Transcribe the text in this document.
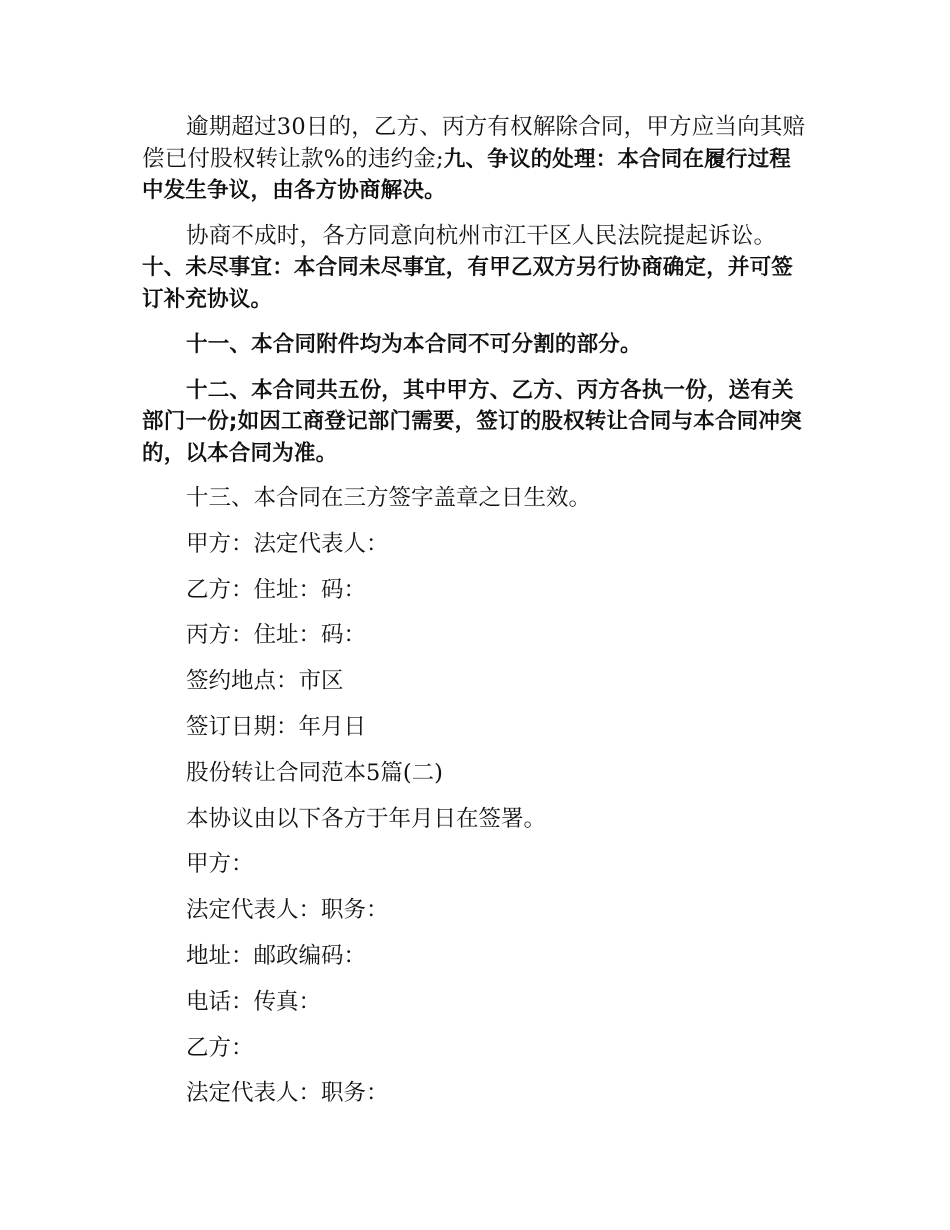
逾期超过30日的，乙方、丙方有权解除合同，甲方应当向其赔偿已付股权转让款%的违约金;九、争议的处理：本合同在履行过程中发生争议，由各方协商解决。

协商不成时，各方同意向杭州市江干区人民法院提起诉讼。十、未尽事宜：本合同未尽事宜，有甲乙双方另行协商确定，并可签订补充协议。

十一、本合同附件均为本合同不可分割的部分。

十二、本合同共五份，其中甲方、乙方、丙方各执一份，送有关部门一份;如因工商登记部门需要，签订的股权转让合同与本合同冲突的，以本合同为准。

十三、本合同在三方签字盖章之日生效。

甲方：法定代表人：

乙方：住址：码：

丙方：住址：码：

签约地点：市区

签订日期：年月日

股份转让合同范本5篇(二)

本协议由以下各方于年月日在签署。

甲方：

法定代表人：职务：

地址：邮政编码：

电话：传真：

乙方：

法定代表人：职务：
